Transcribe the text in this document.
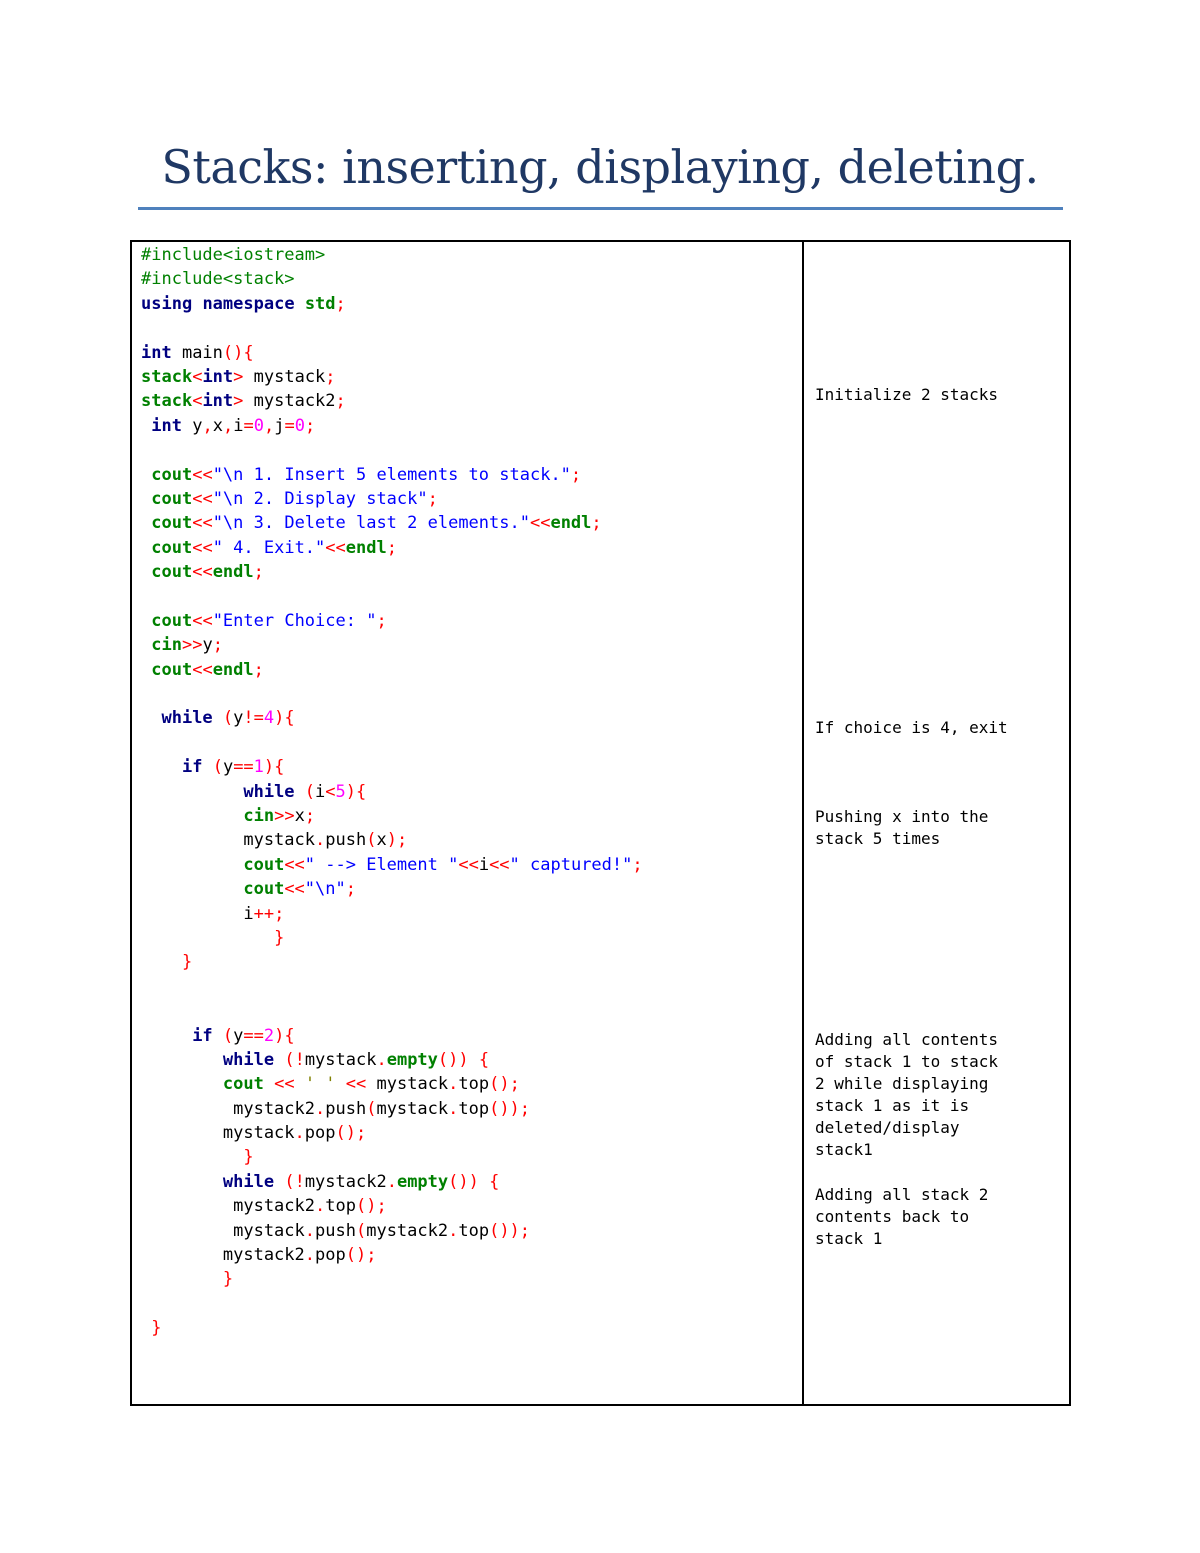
Stacks: inserting, displaying, deleting.
#include<iostream>
#include<stack>
using namespace std;

int main(){
stack<int> mystack;
stack<int> mystack2;
int y,x,i=0,j=0;

cout<<"\n 1. Insert 5 elements to stack.";
cout<<"\n 2. Display stack";
cout<<"\n 3. Delete last 2 elements."<<endl;
cout<<" 4. Exit."<<endl;
cout<<endl;

cout<<"Enter Choice: ";
cin>>y;
cout<<endl;

while (y!=4){

if (y==1){
while (i<5){
cin>>x;
mystack.push(x);
cout<<" --> Element "<<i<<" captured!";
cout<<"\n";
i++;
}
}

if (y==2){
while (!mystack.empty()) {
cout << ' ' << mystack.top();
mystack2.push(mystack.top());
mystack.pop();
}
while (!mystack2.empty()) {
mystack2.top();
mystack.push(mystack2.top());
mystack2.pop();
}

}
Initialize 2 stacks
If choice is 4, exit
Pushing x into the
stack 5 times
Adding all contents
of stack 1 to stack
2 while displaying
stack 1 as it is
deleted/display
stack1
Adding all stack 2
contents back to
stack 1
